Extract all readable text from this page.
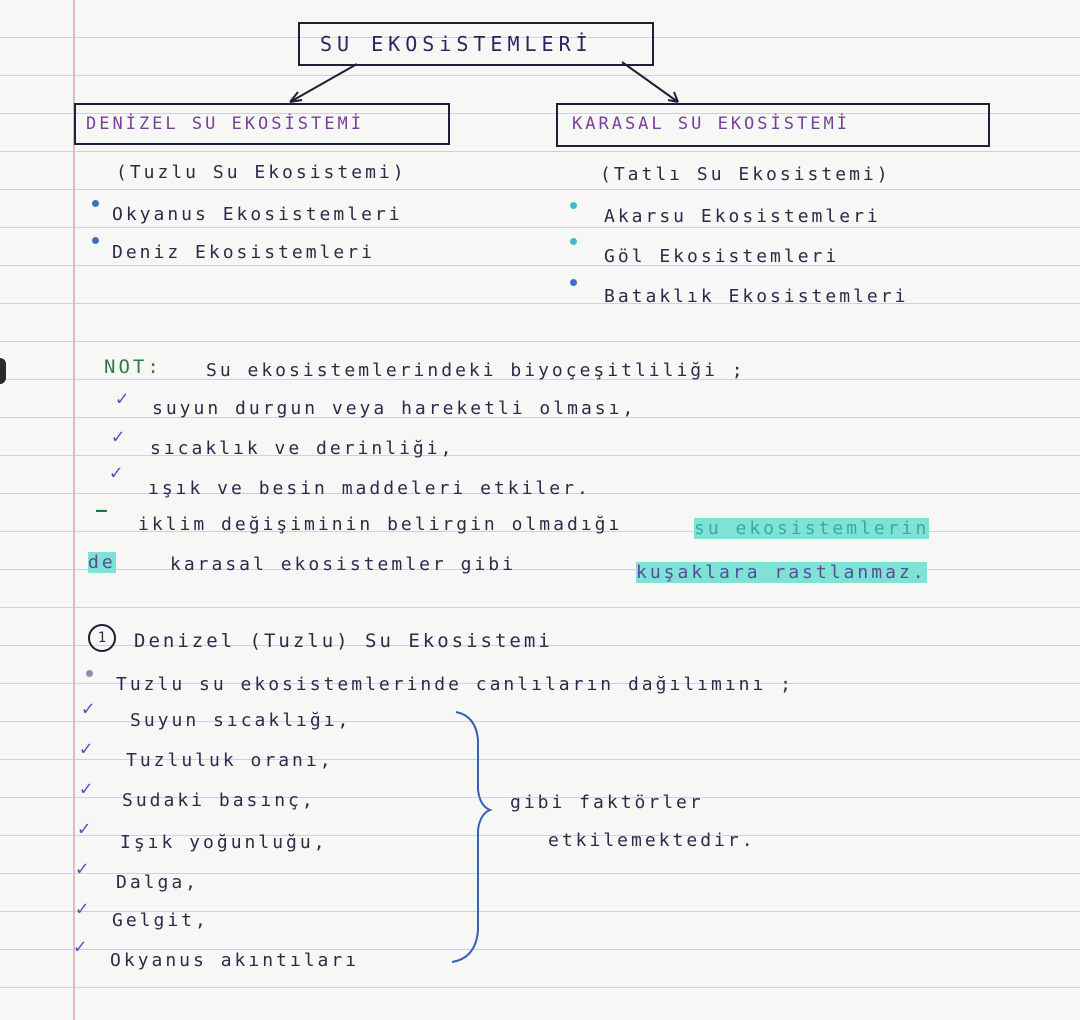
SU EKOSiSTEMLERİ
DENİZEL SU EKOSİSTEMİ	KARASAL SU EKOSİSTEMİ
(Tuzlu Su Ekosistemi)
Okyanus Ekosistemleri
Deniz Ekosistemleri
(Tatlı Su Ekosistemi)
Akarsu Ekosistemleri
Göl Ekosistemleri
Bataklık Ekosistemleri
NOT: Su ekosistemlerindeki biyoçeşitliliği ;
✓ suyun durgun veya hareketli olması,
✓
sıcaklık ve derinliği,
✓
ışık ve besin maddeleri etkiler.
—
iklim değişiminin belirgin olmadığı	su ekosistemlerin
de	karasal ekosistemler gibi	kuşaklara rastlanmaz.
1	Denizel (Tuzlu) Su Ekosistemi
Tuzlu su ekosistemlerinde canlıların dağılımını ;
✓
Suyun sıcaklığı,
✓
Tuzluluk oranı,
✓
Sudaki basınç,
✓
Işık yoğunluğu,
✓
Dalga,
✓
Gelgit,
✓
Okyanus akıntıları
gibi faktörler
etkilemektedir.
